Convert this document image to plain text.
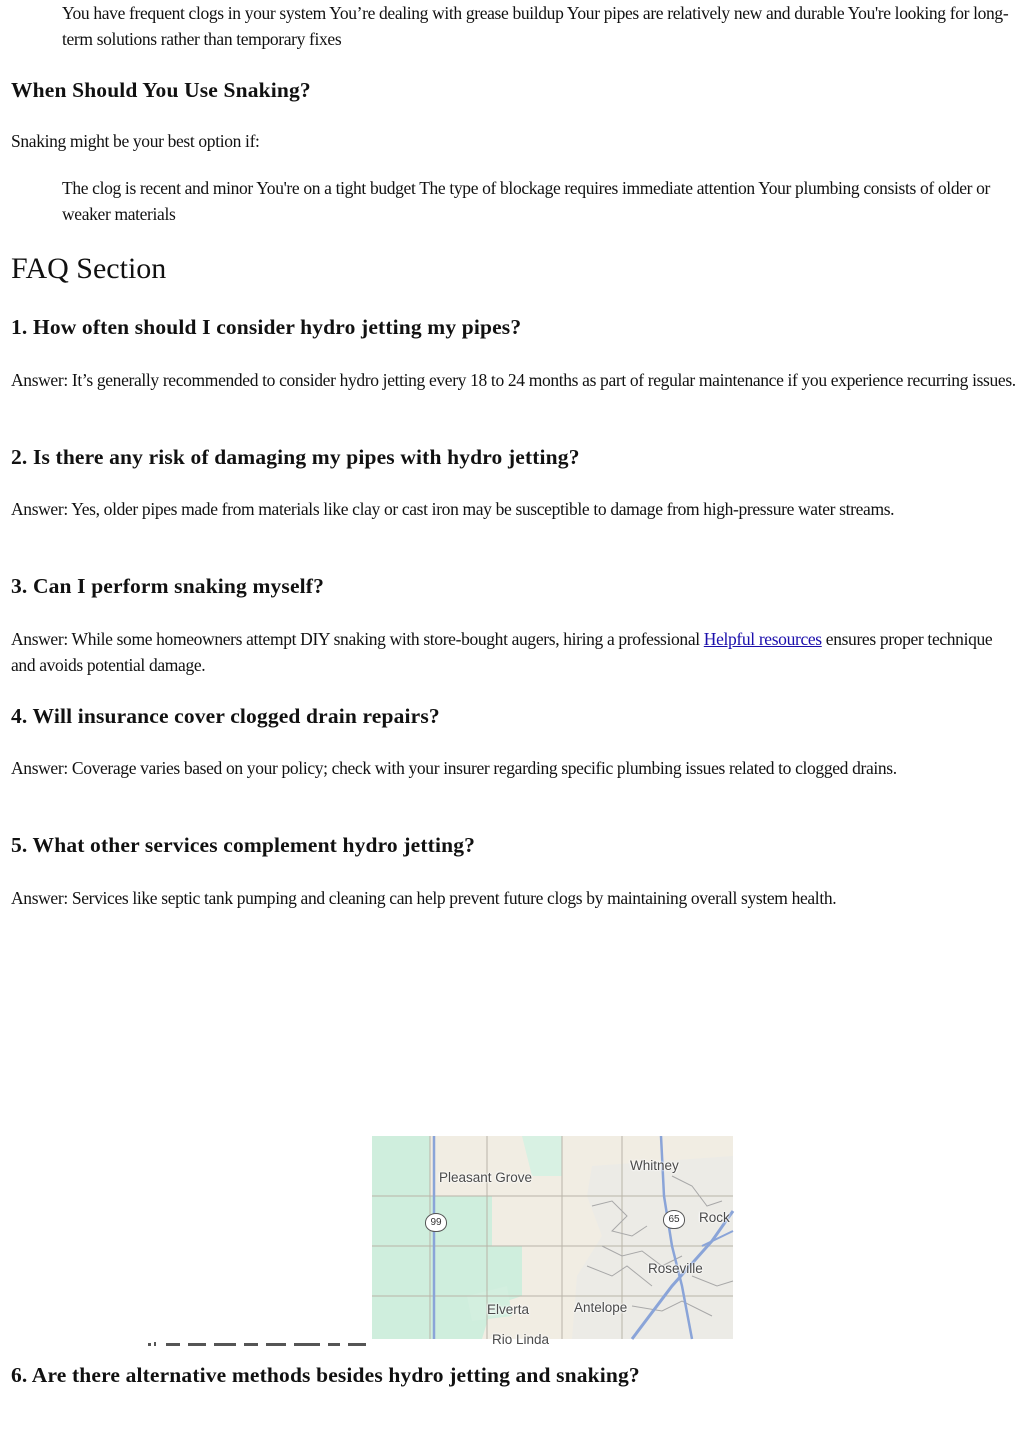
You have frequent clogs in your system You’re dealing with grease buildup Your pipes are relatively new and durable You're looking for long-term solutions rather than temporary fixes

When Should You Use Snaking?

Snaking might be your best option if:

The clog is recent and minor You're on a tight budget The type of blockage requires immediate attention Your plumbing consists of older or weaker materials

FAQ Section
1. How often should I consider hydro jetting my pipes?

Answer: It’s generally recommended to consider hydro jetting every 18 to 24 months as part of regular maintenance if you experience recurring issues.

2. Is there any risk of damaging my pipes with hydro jetting?

Answer: Yes, older pipes made from materials like clay or cast iron may be susceptible to damage from high-pressure water streams.

3. Can I perform snaking myself?

Answer: While some homeowners attempt DIY snaking with store-bought augers, hiring a professional Helpful resources ensures proper technique and avoids potential damage.

4. Will insurance cover clogged drain repairs?

Answer: Coverage varies based on your policy; check with your insurer regarding specific plumbing issues related to clogged drains.

5. What other services complement hydro jetting?

Answer: Services like septic tank pumping and cleaning can help prevent future clogs by maintaining overall system health.

Pleasant Grove
Whitney
Rock
Roseville
Elverta	Antelope
Rio Linda
99	65
6. Are there alternative methods besides hydro jetting and snaking?
